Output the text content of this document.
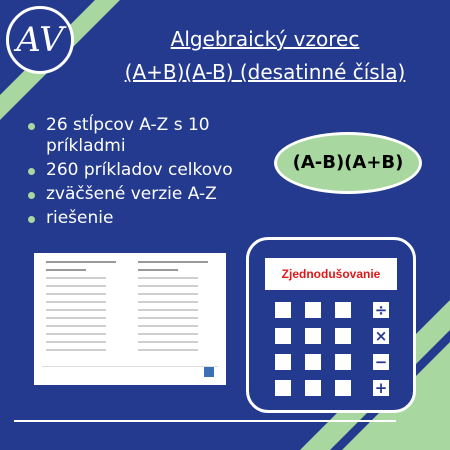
AV	Algebraický vzorec
(A+B)(A-B) (desatinné čísla)
26 stĺpcov A-Z s 10 príkladmi
260 príkladov celkovo
zväčšené verzie A-Z
riešenie
(A-B)(A+B)
Zjednodušovanie
÷
×
−
+
